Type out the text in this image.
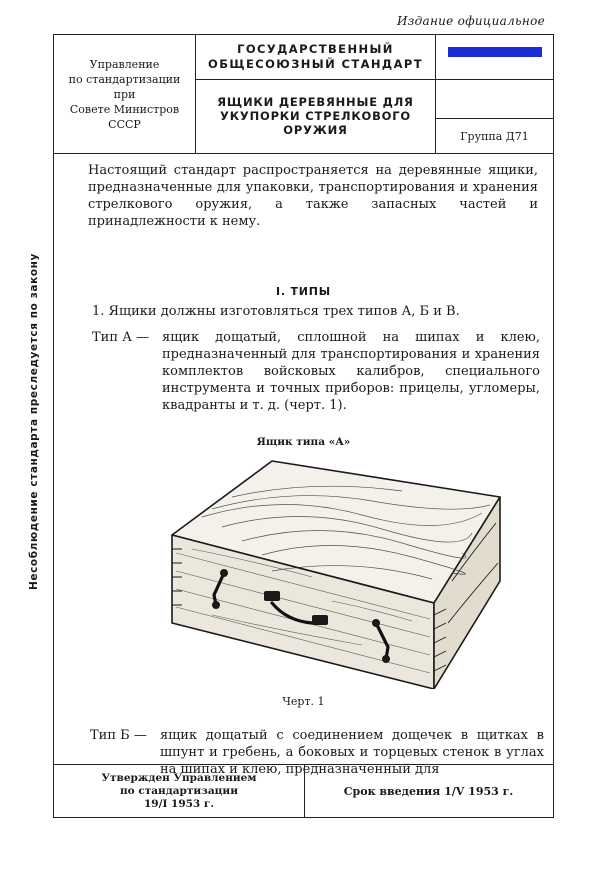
Издание официальное
Несоблюдение стандарта преследуется по закону
Управление
по стандартизации
при
Совете Министров
СССР
ГОСУДАРСТВЕННЫЙ
ОБЩЕСОЮЗНЫЙ СТАНДАРТ
ЯЩИКИ ДЕРЕВЯННЫЕ ДЛЯ
УКУПОРКИ СТРЕЛКОВОГО
ОРУЖИЯ	Группа Д71
Настоящий стандарт распространяется на деревянные ящики, предназначенные для упаковки, транспортирования и хранения стрелкового оружия, а также запасных частей и принадлежности к нему.
I. ТИПЫ
1. Ящики должны изготовляться трех типов А, Б и В.
Тип А — ящик дощатый, сплошной на шипах и клею, предназначенный для транспортирования и хранения комплектов войсковых калибров, специального инструмента и точных приборов: прицелы, угломеры, квадранты и т. д. (черт. 1).
Ящик типа «А»
Черт. 1
Тип Б —	ящик дощатый с соединением дощечек в щитках в шпунт и гребень, а боковых и торцевых стенок в углах на шипах и клею, предназначенный для
Утвержден Управлением
по стандартизации
19/I 1953 г.
Срок введения 1/V 1953 г.
